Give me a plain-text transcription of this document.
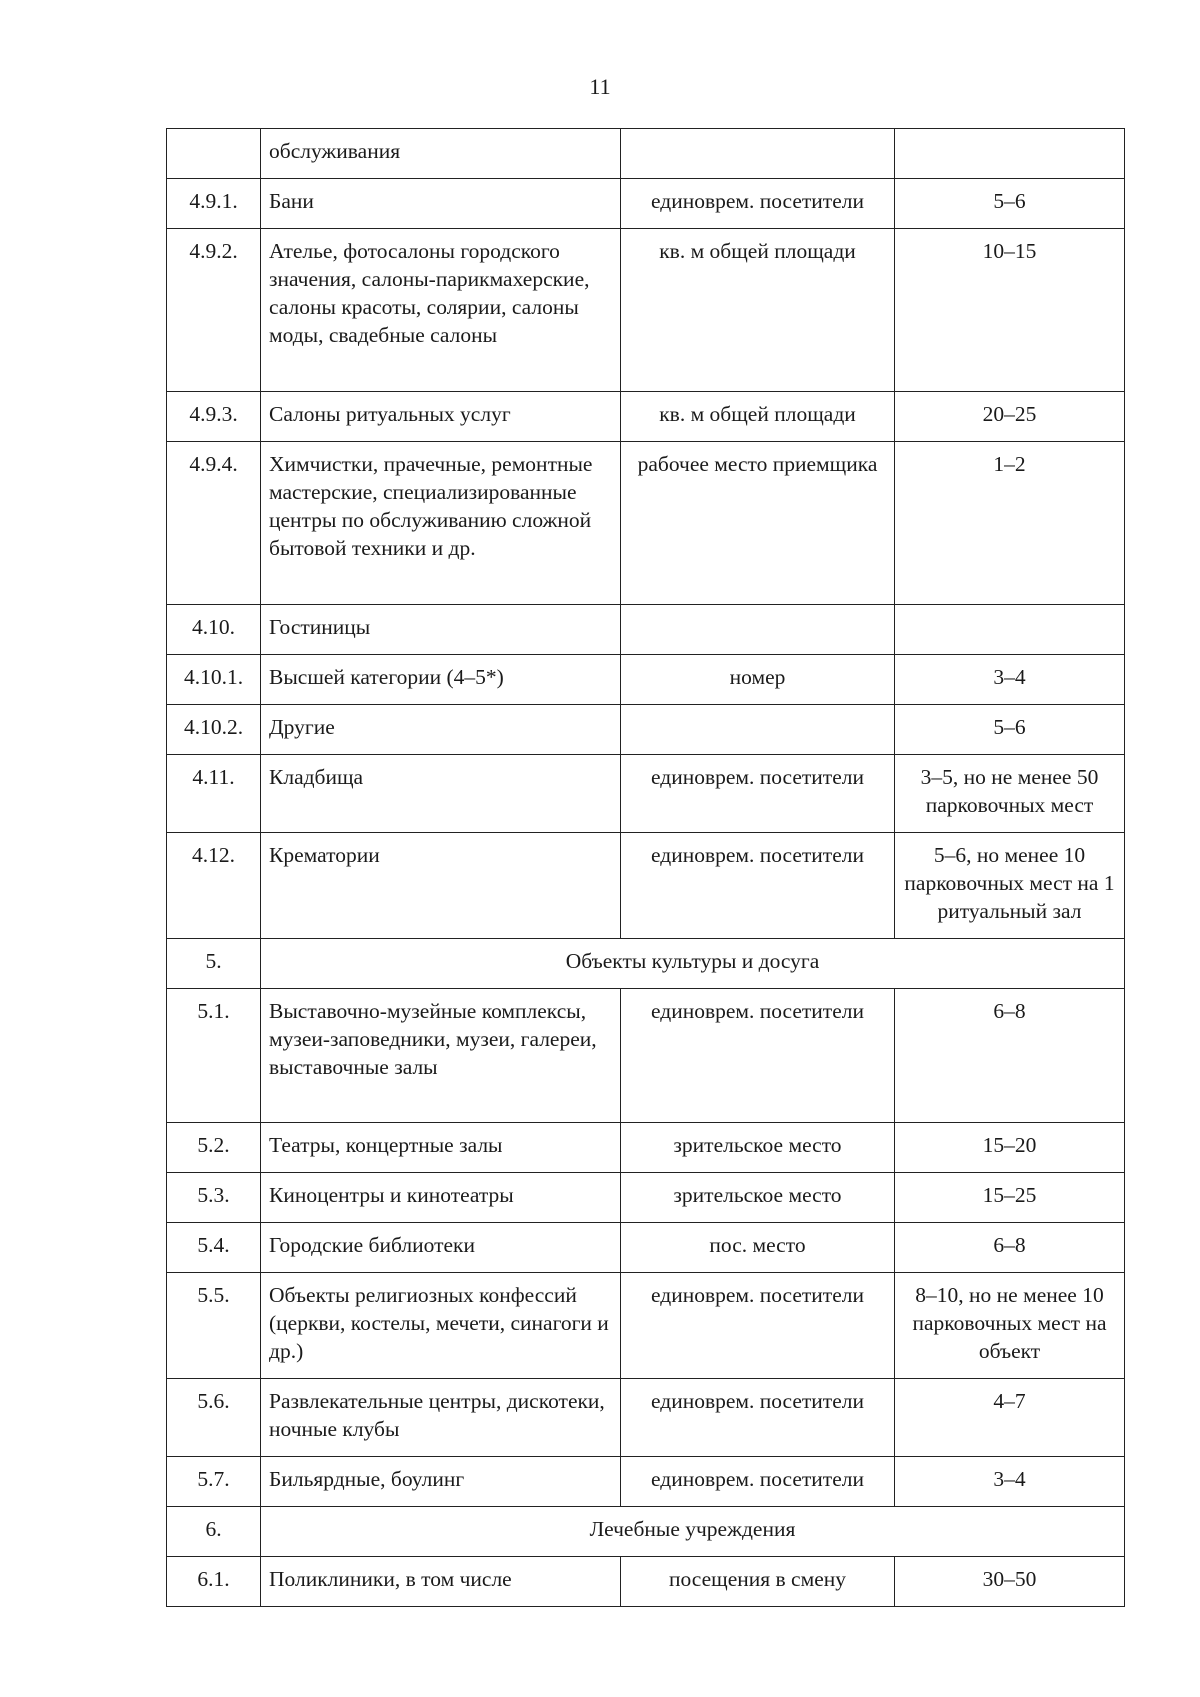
11
	обслуживания		
4.9.1.	Бани	единоврем. посетители	5–6
4.9.2.	Ателье, фотосалоны городского значения, салоны-парикмахерские, салоны красоты, солярии, салоны моды, свадебные салоны	кв. м общей площади	10–15
4.9.3.	Салоны ритуальных услуг	кв. м общей площади	20–25
4.9.4.	Химчистки, прачечные, ремонтные мастерские, специализированные центры по обслуживанию сложной бытовой техники и др.	рабочее место приемщика	1–2
4.10.	Гостиницы		
4.10.1.	Высшей категории (4–5*)	номер	3–4
4.10.2.	Другие		5–6
4.11.	Кладбища	единоврем. посетители	3–5, но не менее 50 парковочных мест
4.12.	Крематории	единоврем. посетители	5–6, но менее 10 парковочных мест на 1 ритуальный зал
5.	Объекты культуры и досуга		
5.1.	Выставочно-музейные комплексы, музеи-заповедники, музеи, галереи, выставочные залы	единоврем. посетители	6–8
5.2.	Театры, концертные залы	зрительское место	15–20
5.3.	Киноцентры и кинотеатры	зрительское место	15–25
5.4.	Городские библиотеки	пос. место	6–8
5.5.	Объекты религиозных конфессий (церкви, костелы, мечети, синагоги и др.)	единоврем. посетители	8–10, но не менее 10 парковочных мест на объект
5.6.	Развлекательные центры, дискотеки, ночные клубы	единоврем. посетители	4–7
5.7.	Бильярдные, боулинг	единоврем. посетители	3–4
6.	Лечебные учреждения		
6.1.	Поликлиники, в том числе	посещения в смену	30–50
